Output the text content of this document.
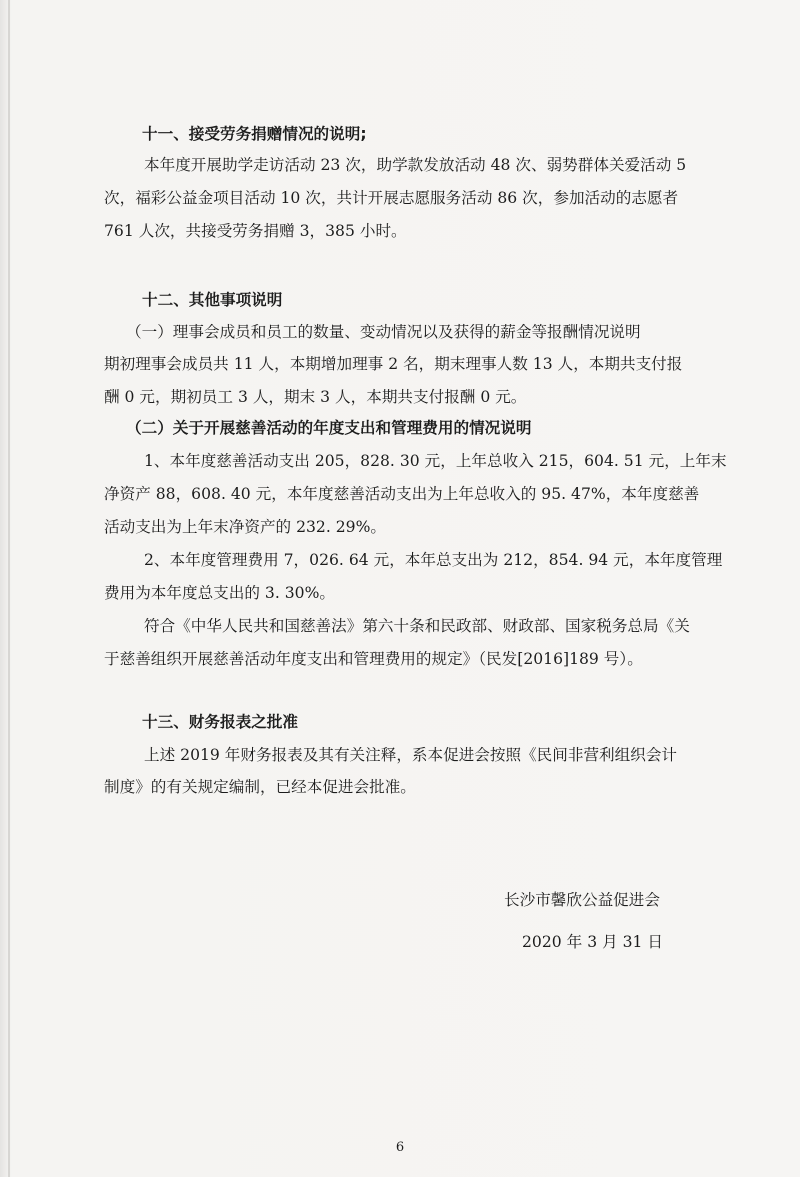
十一、接受劳务捐赠情况的说明;
本年度开展助学走访活动 23 次，助学款发放活动 48 次、弱势群体关爱活动 5
次，福彩公益金项目活动 10 次，共计开展志愿服务活动 86 次，参加活动的志愿者
761 人次，共接受劳务捐赠 3，385 小时。
十二、其他事项说明
（一）理事会成员和员工的数量、变动情况以及获得的薪金等报酬情况说明
期初理事会成员共 11 人，本期增加理事 2 名，期末理事人数 13 人，本期共支付报
酬 0 元，期初员工 3 人，期末 3 人，本期共支付报酬 0 元。
（二）关于开展慈善活动的年度支出和管理费用的情况说明
1、本年度慈善活动支出 205，828. 30 元，上年总收入 215，604. 51 元，上年末
净资产 88，608. 40 元，本年度慈善活动支出为上年总收入的 95. 47%，本年度慈善
活动支出为上年末净资产的 232. 29%。
2、本年度管理费用 7，026. 64 元，本年总支出为 212，854. 94 元，本年度管理
费用为本年度总支出的 3. 30%。
符合《中华人民共和国慈善法》第六十条和民政部、财政部、国家税务总局《关
于慈善组织开展慈善活动年度支出和管理费用的规定》（民发[2016]189 号）。
十三、财务报表之批准
上述 2019 年财务报表及其有关注释，系本促进会按照《民间非营利组织会计
制度》的有关规定编制，已经本促进会批准。
长沙市馨欣公益促进会
2020 年 3 月 31 日
6
